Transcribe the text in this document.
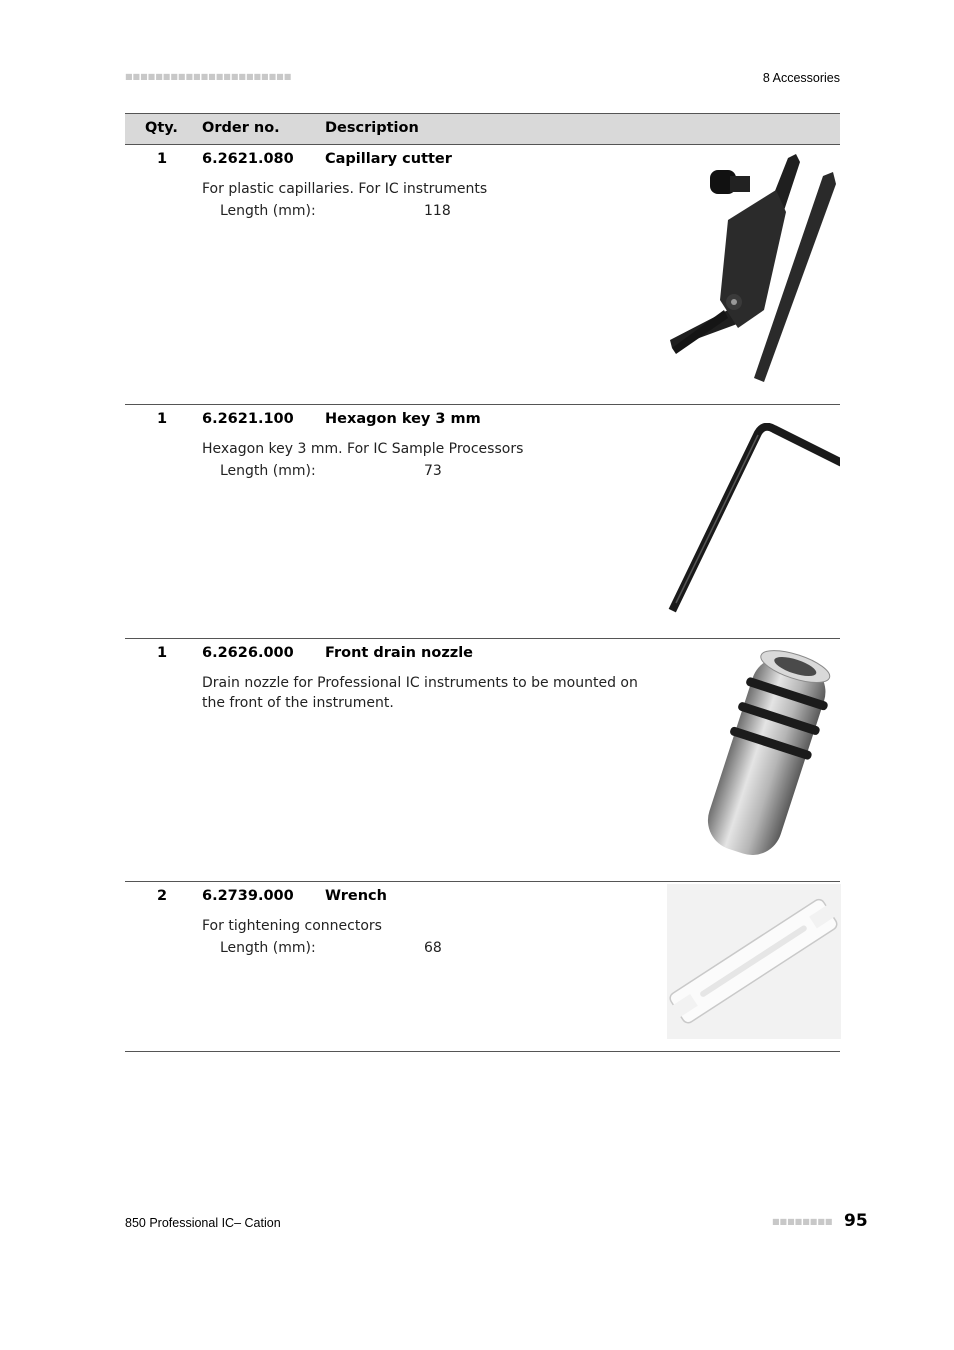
■■■■■■■■■■■■■■■■■■■■■■	8 Accessories
Qty. Order no.	Description
1 6.2621.080 Capillary cutter
For plastic capillaries. For IC instruments
Length (mm):	118
1 6.2621.100 Hexagon key 3 mm
Hexagon key 3 mm. For IC Sample Processors
Length (mm):	73
1 6.2626.000 Front drain nozzle
Drain nozzle for Professional IC instruments to be mounted on the front of the instrument.
2 6.2739.000 Wrench
For tightening connectors
Length (mm):	68
850 Professional IC– Cation	■■■■■■■■ 95
